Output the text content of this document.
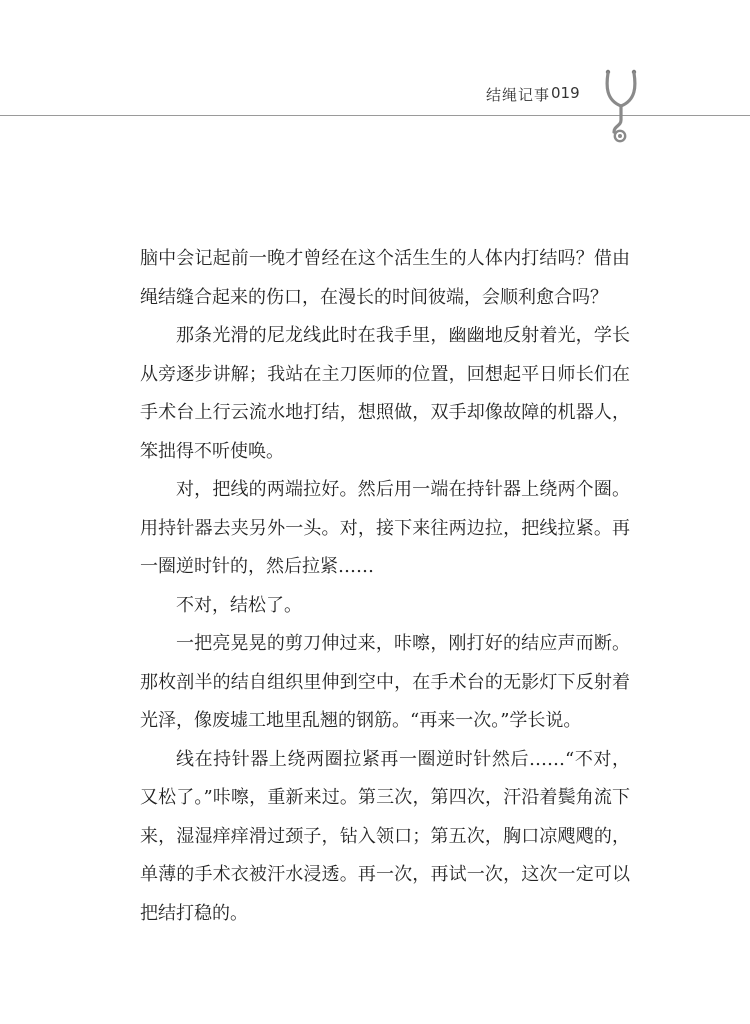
结绳记事 019

脑中会记起前一晚才曾经在这个活生生的人体内打结吗？借由绳结缝合起来的伤口，在漫长的时间彼端，会顺利愈合吗？

那条光滑的尼龙线此时在我手里，幽幽地反射着光，学长从旁逐步讲解；我站在主刀医师的位置，回想起平日师长们在手术台上行云流水地打结，想照做，双手却像故障的机器人，笨拙得不听使唤。

对，把线的两端拉好。然后用一端在持针器上绕两个圈。用持针器去夹另外一头。对，接下来往两边拉，把线拉紧。再一圈逆时针的，然后拉紧……

不对，结松了。

一把亮晃晃的剪刀伸过来，咔嚓，刚打好的结应声而断。那枚剖半的结自组织里伸到空中，在手术台的无影灯下反射着光泽，像废墟工地里乱翘的钢筋。“再来一次。”学长说。

线在持针器上绕两圈拉紧再一圈逆时针然后……“不对，又松了。”咔嚓，重新来过。第三次，第四次，汗沿着鬓角流下来，湿湿痒痒滑过颈子，钻入领口；第五次，胸口凉飕飕的，单薄的手术衣被汗水浸透。再一次，再试一次，这次一定可以把结打稳的。
